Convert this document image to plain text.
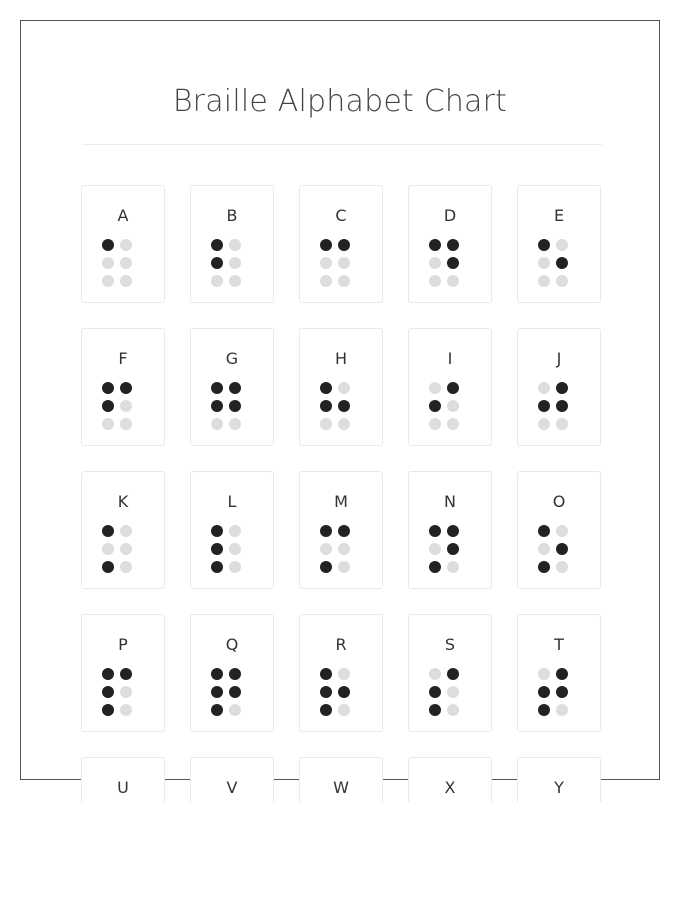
Braille Alphabet Chart
A	B	C	D	E
F	G	H	I	J
K	L	M	N	O
P	Q	R	S	T
U	V	W	X	Y
